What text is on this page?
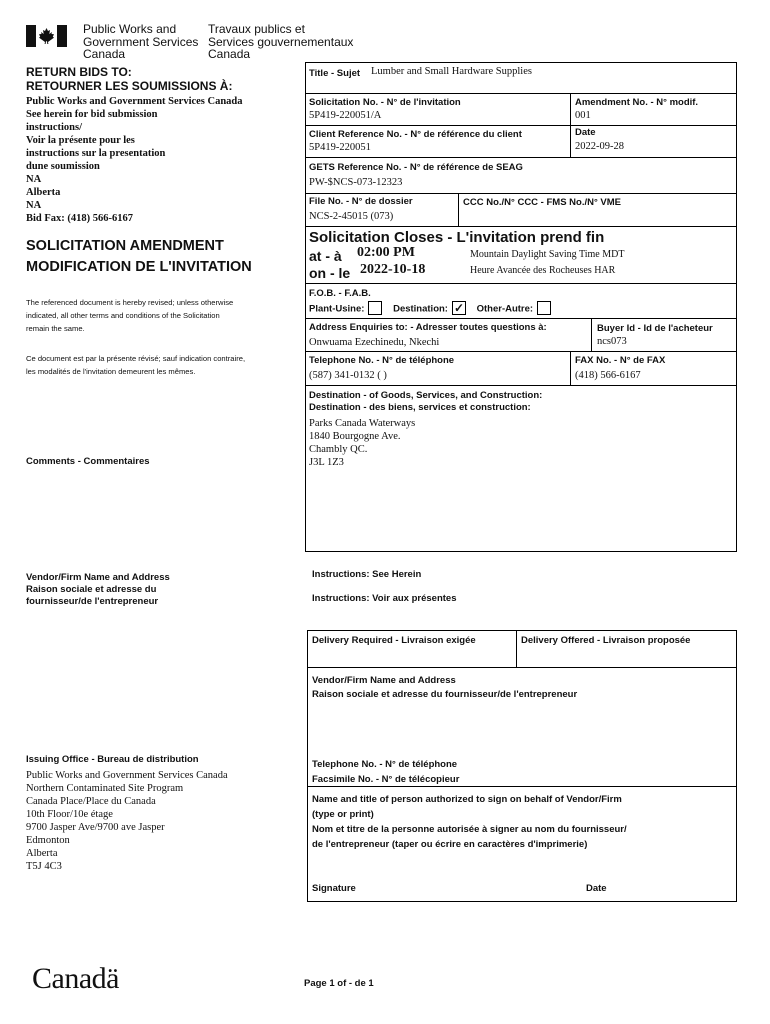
Public Works and
Government Services
Canada
Travaux publics et
Services gouvernementaux
Canada
RETURN BIDS TO:
RETOURNER LES SOUMISSIONS À:
Public Works and Government Services Canada
See herein for bid submission
instructions/
Voir la présente pour les
instructions sur la presentation
dune soumission
NA
Alberta
NA
Bid Fax: (418) 566-6167
SOLICITATION AMENDMENT
MODIFICATION DE L'INVITATION
The referenced document is hereby revised; unless otherwise
indicated, all other terms and conditions of the Solicitation
remain the same.
Ce document est par la présente révisé; sauf indication contraire,
les modalités de l'invitation demeurent les mêmes.
Comments - Commentaires
Vendor/Firm Name and Address
Raison sociale et adresse du
fournisseur/de l'entrepreneur
Issuing Office - Bureau de distribution
Public Works and Government Services Canada
Northern Contaminated Site Program
Canada Place/Place du Canada
10th Floor/10e étage
9700 Jasper Ave/9700 ave Jasper
Edmonton
Alberta
T5J 4C3
Canadä
Title - Sujet Lumber and Small Hardware Supplies
Solicitation No. - N° de l'invitation
5P419-220051/A
Amendment No. - N° modif.
001
Client Reference No. - N° de référence du client
5P419-220051
Date
2022-09-28
GETS Reference No. - N° de référence de SEAG
PW-$NCS-073-12323
File No. - N° de dossier
NCS-2-45015 (073)
CCC No./N° CCC - FMS No./N° VME
Solicitation Closes - L'invitation prend fin
at - à 02:00 PM
on - le 2022-10-18
Mountain Daylight Saving Time MDT
Heure Avancée des Rocheuses HAR
F.O.B. - F.A.B.
Plant-Usine:	Destination: ✓ Other-Autre:
Address Enquiries to: - Adresser toutes questions à:
Onwuama Ezechinedu, Nkechi
Buyer Id - Id de l'acheteur
ncs073
Telephone No. - N° de téléphone
(587) 341-0132 ( )
FAX No. - N° de FAX
(418) 566-6167
Destination - of Goods, Services, and Construction:
Destination - des biens, services et construction:
Parks Canada Waterways
1840 Bourgogne Ave.
Chambly QC.
J3L 1Z3
Instructions: See Herein
Instructions: Voir aux présentes
Delivery Required - Livraison exigée	Delivery Offered - Livraison proposée
Vendor/Firm Name and Address
Raison sociale et adresse du fournisseur/de l'entrepreneur
Telephone No. - N° de téléphone
Facsimile No. - N° de télécopieur
Name and title of person authorized to sign on behalf of Vendor/Firm
(type or print)
Nom et titre de la personne autorisée à signer au nom du fournisseur/
de l'entrepreneur (taper ou écrire en caractères d'imprimerie)
Signature	Date
Page 1 of - de 1
